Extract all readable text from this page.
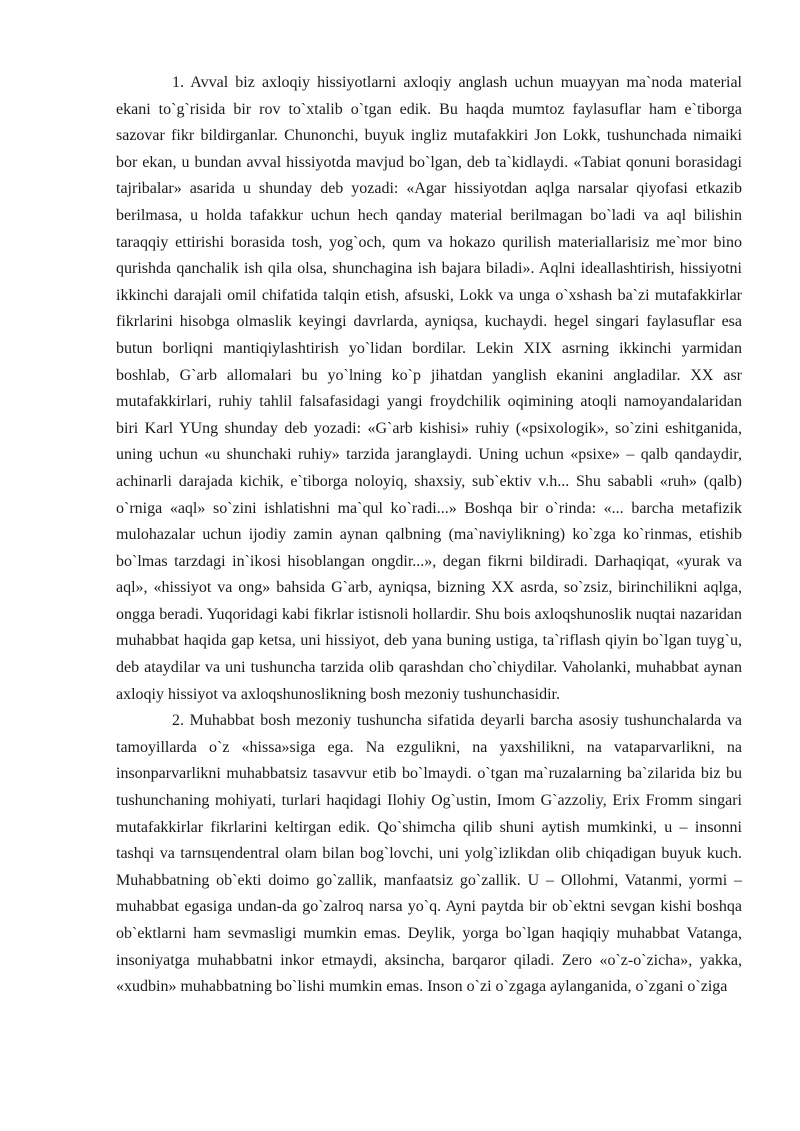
1. Avval biz axloqiy hissiyotlarni axloqiy anglash uchun muayyan ma`noda material ekani to`g`risida bir rov to`xtalib o`tgan edik. Bu haqda mumtoz faylasuflar ham e`tiborga sazovar fikr bildirganlar. Chunonchi, buyuk ingliz mutafakkiri Jon Lokk, tushunchada nimaiki bor ekan, u bundan avval hissiyotda mavjud bo`lgan, deb ta`kidlaydi. «Tabiat qonuni borasidagi tajribalar» asarida u shunday deb yozadi: «Agar hissiyotdan aqlga narsalar qiyofasi etkazib berilmasa, u holda tafakkur uchun hech qanday material berilmagan bo`ladi va aql bilishin taraqqiy ettirishi borasida tosh, yog`och, qum va hokazo qurilish materiallarisiz me`mor bino qurishda qanchalik ish qila olsa, shunchagina ish bajara biladi». Aqlni ideallashtirish, hissiyotni ikkinchi darajali omil chifatida talqin etish, afsuski, Lokk va unga o`xshash ba`zi mutafakkirlar fikrlarini hisobga olmaslik keyingi davrlarda, ayniqsa, kuchaydi. hegel singari faylasuflar esa butun borliqni mantiqiylashtirish yo`lidan bordilar. Lekin XIX asrning ikkinchi yarmidan boshlab, G`arb allomalari bu yo`lning ko`p jihatdan yanglish ekanini angladilar. XX asr mutafakkirlari, ruhiy tahlil falsafasidagi yangi froydchilik oqimining atoqli namoyandalaridan biri Karl YUng shunday deb yozadi: «G`arb kishisi» ruhiy («psixologik», so`zini eshitganida, uning uchun «u shunchaki ruhiy» tarzida jaranglaydi. Uning uchun «psixe» – qalb qandaydir, achinarli darajada kichik, e`tiborga noloyiq, shaxsiy, sub`ektiv v.h... Shu sababli «ruh» (qalb) o`rniga «aql» so`zini ishlatishni ma`qul ko`radi...» Boshqa bir o`rinda: «... barcha metafizik mulohazalar uchun ijodiy zamin aynan qalbning (ma`naviylikning) ko`zga ko`rinmas, etishib bo`lmas tarzdagi in`ikosi hisoblangan ongdir...», degan fikrni bildiradi. Darhaqiqat, «yurak va aql», «hissiyot va ong» bahsida G`arb, ayniqsa, bizning XX asrda, so`zsiz, birinchilikni aqlga, ongga beradi. Yuqoridagi kabi fikrlar istisnoli hollardir. Shu bois axloqshunoslik nuqtai nazaridan muhabbat haqida gap ketsa, uni hissiyot, deb yana buning ustiga, ta`riflash qiyin bo`lgan tuyg`u, deb ataydilar va uni tushuncha tarzida olib qarashdan cho`chiydilar. Vaholanki, muhabbat aynan axloqiy hissiyot va axloqshunoslikning bosh mezoniy tushunchasidir.

2. Muhabbat bosh mezoniy tushuncha sifatida deyarli barcha asosiy tushunchalarda va tamoyillarda o`z «hissa»siga ega. Na ezgulikni, na yaxshilikni, na vataparvarlikni, na insonparvarlikni muhabbatsiz tasavvur etib bo`lmaydi. o`tgan ma`ruzalarning ba`zilarida biz bu tushunchaning mohiyati, turlari haqidagi Ilohiy Og`ustin, Imom G`azzoliy, Erix Fromm singari mutafakkirlar fikrlarini keltirgan edik. Qo`shimcha qilib shuni aytish mumkinki, u – insonni tashqi va tarnsцendentral olam bilan bog`lovchi, uni yolg`izlikdan olib chiqadigan buyuk kuch. Muhabbatning ob`ekti doimo go`zallik, manfaatsiz go`zallik. U – Ollohmi, Vatanmi, yormi – muhabbat egasiga undan-da go`zalroq narsa yo`q. Ayni paytda bir ob`ektni sevgan kishi boshqa ob`ektlarni ham sevmasligi mumkin emas. Deylik, yorga bo`lgan haqiqiy muhabbat Vatanga, insoniyatga muhabbatni inkor etmaydi, aksincha, barqaror qiladi. Zero «o`z-o`zicha», yakka, «xudbin» muhabbatning bo`lishi mumkin emas. Inson o`zi o`zgaga aylanganida, o`zgani o`ziga
